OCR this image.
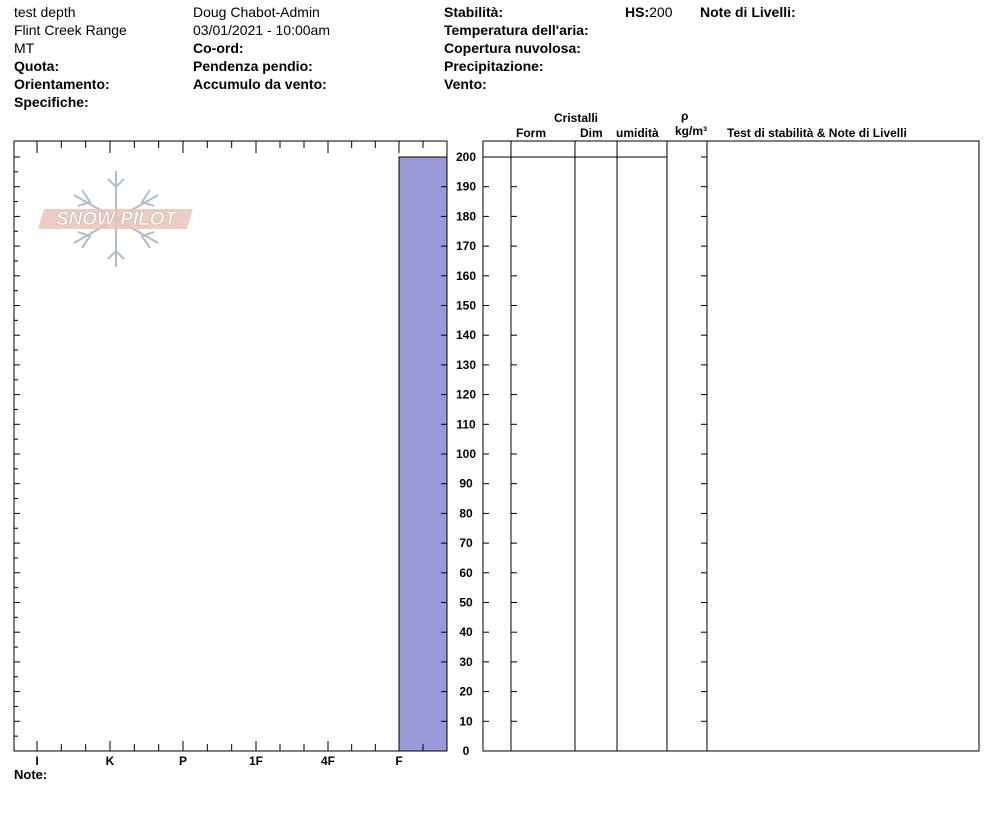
test depth
Flint Creek Range
MT
Quota:
Orientamento:
Specifiche:
Doug Chabot-Admin
03/01/2021 - 10:00am
Co-ord:
Pendenza pendio:
Accumulo da vento:
Stabilità:
Temperatura dell'aria:
Copertura nuvolosa:
Precipitazione:
Vento:
HS:200 Note di Livelli:
Cristalli
Form	Dim umidità
ρ
kg/m³ Test di stabilità & Note di Livelli
SNOW PILOT
I	K	P	1F	4F	F
0
10
20
30
40
50
60
70
80
90
100
110
120
130
140
150
160
170
180
190
200
Note:
